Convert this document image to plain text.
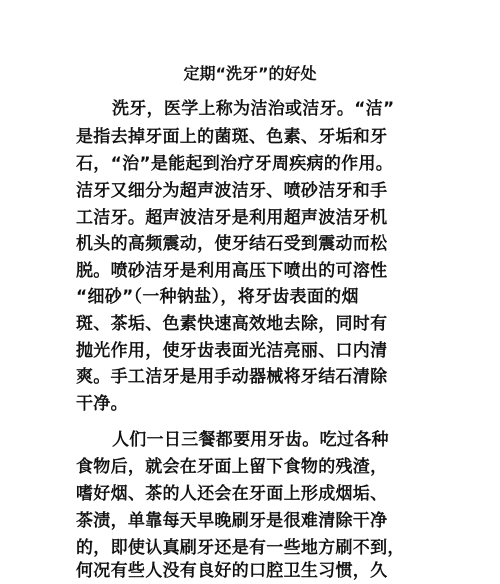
定期“洗牙”的好处
洗牙，医学上称为洁治或洁牙。“洁”
是指去掉牙面上的菌斑、色素、牙垢和牙
石，“治”是能起到治疗牙周疾病的作用。
洁牙又细分为超声波洁牙、喷砂洁牙和手
工洁牙。超声波洁牙是利用超声波洁牙机
机头的高频震动，使牙结石受到震动而松
脱。喷砂洁牙是利用高压下喷出的可溶性
“细砂”（一种钠盐），将牙齿表面的烟
斑、茶垢、色素快速高效地去除，同时有
抛光作用，使牙齿表面光洁亮丽、口内清
爽。手工洁牙是用手动器械将牙结石清除
干净。
人们一日三餐都要用牙齿。吃过各种
食物后，就会在牙面上留下食物的残渣，
嗜好烟、茶的人还会在牙面上形成烟垢、
茶渍，单靠每天早晚刷牙是很难清除干净
的，即使认真刷牙还是有一些地方刷不到，
何况有些人没有良好的口腔卫生习惯，久
